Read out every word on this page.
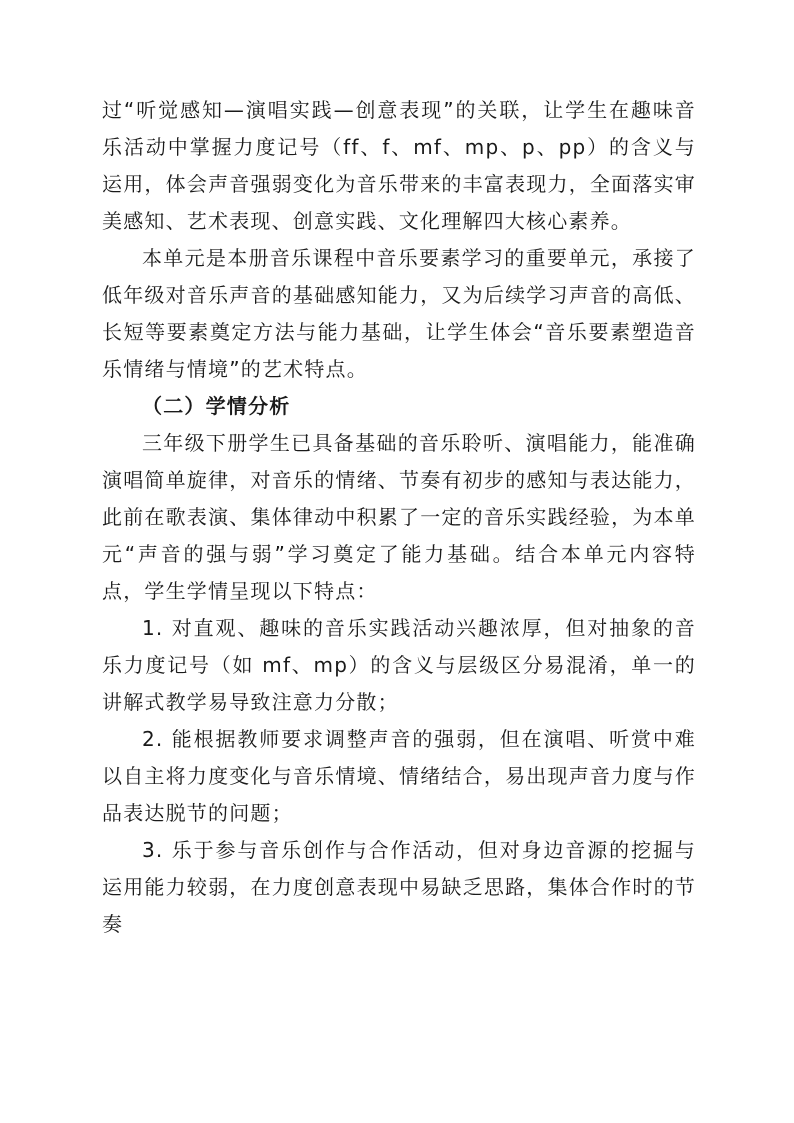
过“听觉感知—演唱实践—创意表现”的关联，让学生在趣味音乐活动中掌握力度记号（ff、f、mf、mp、p、pp）的含义与运用，体会声音强弱变化为音乐带来的丰富表现力，全面落实审美感知、艺术表现、创意实践、文化理解四大核心素养。

本单元是本册音乐课程中音乐要素学习的重要单元，承接了低年级对音乐声音的基础感知能力，又为后续学习声音的高低、长短等要素奠定方法与能力基础，让学生体会“音乐要素塑造音乐情绪与情境”的艺术特点。

（二）学情分析

三年级下册学生已具备基础的音乐聆听、演唱能力，能准确演唱简单旋律，对音乐的情绪、节奏有初步的感知与表达能力，此前在歌表演、集体律动中积累了一定的音乐实践经验，为本单元“声音的强与弱”学习奠定了能力基础。结合本单元内容特点，学生学情呈现以下特点：

1. 对直观、趣味的音乐实践活动兴趣浓厚，但对抽象的音乐力度记号（如 mf、mp）的含义与层级区分易混淆，单一的讲解式教学易导致注意力分散；

2. 能根据教师要求调整声音的强弱，但在演唱、听赏中难以自主将力度变化与音乐情境、情绪结合，易出现声音力度与作品表达脱节的问题；

3. 乐于参与音乐创作与合作活动，但对身边音源的挖掘与运用能力较弱，在力度创意表现中易缺乏思路，集体合作时的节奏
